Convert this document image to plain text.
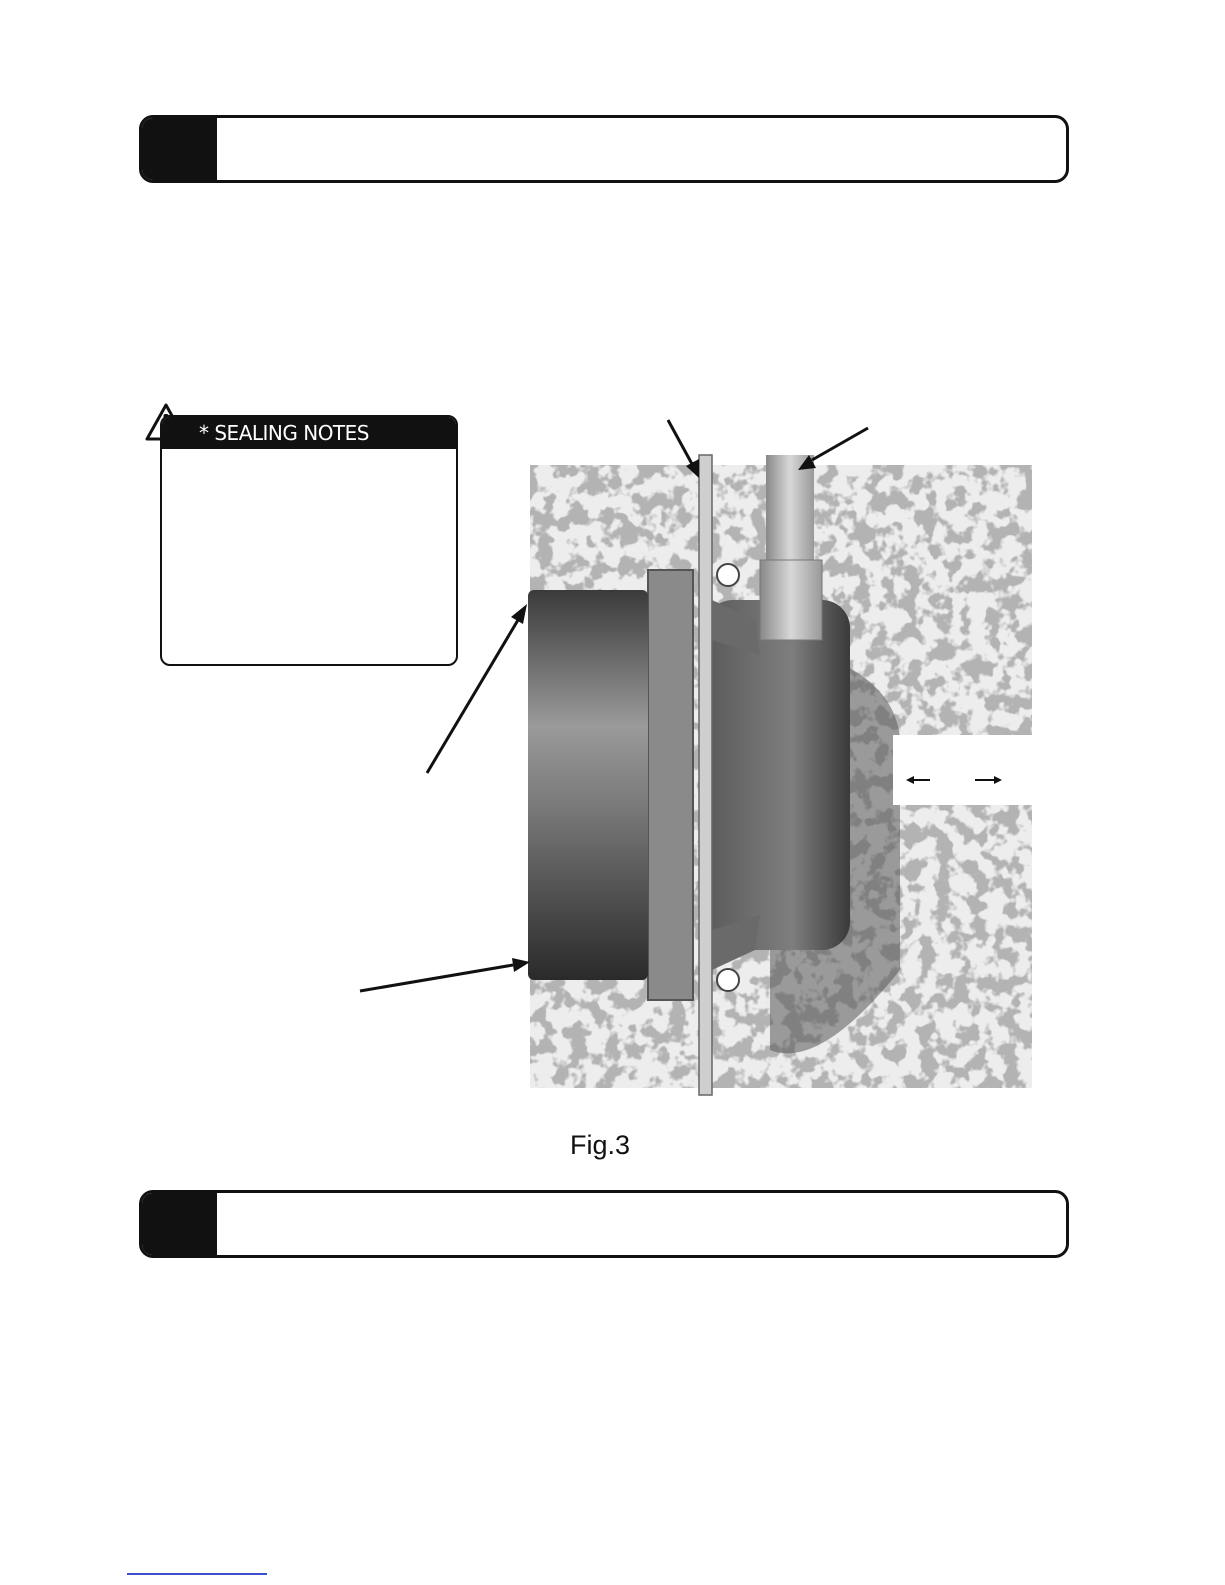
* SEALING NOTES
Fig.3
